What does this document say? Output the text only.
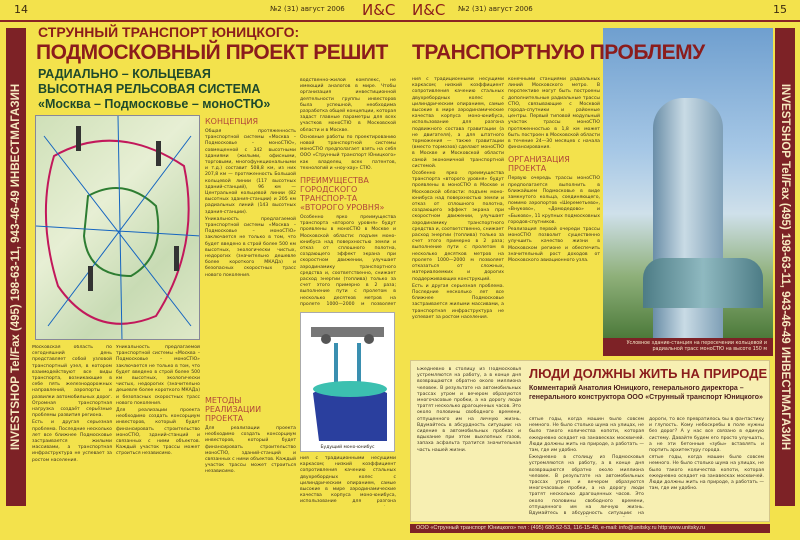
14	№2 (31) август 2006 И&С И&С №2 (31) август 2006	15
INVESTSHOP Tel/Fax (495) 198-63-11, 943-46-49 ИНВЕСТМАГАЗИН	INVESTSHOP Tel/Fax (495) 198-63-11, 943-46-49 ИНВЕСТМАГАЗИН
СТРУННЫЙ ТРАНСПОРТ ЮНИЦКОГО:
ПОДМОСКОВНЫЙ ПРОЕКТ РЕШИТ ТРАНСПОРТНУЮ ПРОБЛЕМУ
РАДИАЛЬНО – КОЛЬЦЕВАЯ
ВЫСОТНАЯ РЕЛЬСОВАЯ СИСТЕМА
«Москва – Подмосковье – моноСТЮ»

Московская область по сегодняшний день представляет собой узловой транспортный узел, в котором взаимодействуют все виды транспорта, возникающие в себе пять железнодорожных направлений, аэропорты и развилки автомобильных дорог. Огромная транспортная нагрузка создаёт серьёзные проблемы развития региона.

Есть и другая серьезная проблема. Последние несколько лет все ближнее Подмосковье застраивается жилыми массивами, а транспортная инфраструктура не успевает за ростом населения.

Уникальность предлагаемой транспортной системы «Москва – Подмосковье – моноСТЮ» заключается не только в том, что будет введено в строй более 500 км высотных, экологически чистых, недорогих (значительно дешевле более короткого МКАДа) и безопасных скоростных трасс нового поколения.

Для реализации проекта необходимо создать консорциум инвесторов, который будет финансировать строительство моноСТЮ, зданий-станций и связанных с ними объектов. Каждый участок трассы может строиться независимо.

КОНЦЕПЦИЯ

Общая протяженность транспортной системы «Москва – Подмосковье – моноСТЮ», совмещенной с 342 высотными зданиями (жилыми, офисными, торговыми, многофункциональными и т.д.) составит 508,8 км, из них 207,8 км — протяженность Большой кольцевой линии (117 высотных зданий-станций), 96 км — Центральной кольцевой линии (82 высотных здания-станции) и 205 км радиальных линий (143 высотных здания-станции).

Уникальность предлагаемой транспортной системы «Москва – Подмосковье – моноСТЮ» заключается не только в том, что будет введено в строй более 500 км высотных, экологически чистых, недорогих (значительно дешевле более короткого МКАДа) и безопасных скоростных трасс нового поколения.

МЕТОДЫ РЕАЛИЗАЦИИ ПРОЕКТА

Для реализации проекта необходимо создать консорциум инвесторов, который будет финансировать строительство моноСТЮ, зданий-станций и связанных с ними объектов. Каждый участок трассы может строиться независимо.

водственно-жилой комплекс, не имеющий аналогов в мире. Чтобы организация инвестиционной деятельности группы инвесторов была успешной, необходима разработка общей концепции, которая задаст главные параметры для всех участков моноСТЮ в Московской области и в Москве.

Основные работы по проектированию новой транспортной системы моноСТЮ предполагает взять на себя ООО «Струнный транспорт Юницкого» как владелец всех патентов, технологий и «ноу-хау» СТЮ.

ПРЕИМУЩЕСТВА ГОРОДСКОГО ТРАНСПОР-ТА «ВТОРОГО УРОВНЯ»

Особенно ярко преимущества транспорта «второго уровня» будут проявлены в моноСТЮ в Москве и Московской области: подъем моно-юнибуса над поверхностью земли и отказ от сплошного полотна, создающего эффект экрана при скоростном движении, улучшает аэродинамику транспортного средства и, соответственно, снижает расход энергии (топлива) только за счет этого примерно в 2 раза; выполнение пути с пролетом в несколько десятков метров на пролете 1000—2000 м позволяет

Будущий моно-юнибус

ния с традиционными несущими каркасом; низкий коэффициент сопротивления качению стальных двухребордных колес с цилиндрическим опиранием, самые высокие в мире аэродинамические качества корпуса моно-юнибуса, использование для разгона

ния с традиционными несущими каркасом; низкий коэффициент сопротивления качению стальных двухребордных колес с цилиндрическим опиранием, самые высокие в мире аэродинамические качества корпуса моно-юнибуса, использование для разгона подвижного состава гравитации (а не двигателя), а для штатного торможения — также гравитации (вместо тормозов) сделают моноСТЮ в Москве и Московской области самой экономичной транспортной системой.

Особенно ярко преимущества транспорта «второго уровня» будут проявлены в моноСТЮ в Москве и Московской области: подъем моно-юнибуса над поверхностью земли и отказ от сплошного полотна, создающего эффект экрана при скоростном движении, улучшает аэродинамику транспортного средства и, соответственно, снижает расход энергии (топлива) только за счет этого примерно в 2 раза; выполнение пути с пролетом в несколько десятков метров на пролете 1000—2000 м позволяет отказаться от сложных, материалоемких и дорогих поддерживающих конструкций.

Есть и другая серьезная проблема. Последние несколько лет все ближнее Подмосковье застраивается жилыми массивами, а транспортная инфраструктура не успевает за ростом населения.

конечными станциями радиальных линий Московского метро. В перспективе могут быть построены дополнительные радиальные трассы СТЮ, связывающие с Москвой города-спутники и районные центры. Первый типовой модульный участок трассы моноСТЮ протяженностью в 1,8 км может быть построен в Московской области в течение 24—30 месяцев с начала финансирования.

ОРГАНИЗАЦИЯ ПРОЕКТА

Первую очередь трассы моноСТЮ предполагается выполнить в ближайшем Подмосковье в виде замкнутого кольца, соединяющего, помимо аэропортов «Шереметьево», «Внуково», «Домодедово» и «Быково», 11 крупных подмосковных городов-спутников.

Реализация первой очереди трассы моноСТЮ позволит существенно улучшить качество жизни в Московском регионе и обеспечить значительный рост доходов от Московского авиационного узла.

Условное здание-станция на пересечении кольцевой и радиальной трасс моноСТЮ на высоте 150 м

Ежедневно в столицу из Подмосковья устремляются на работу, а в конце дня возвращаются обратно около миллиона человек. В результате на автомобильных трассах утром и вечером образуются многочасовые пробки, а на дорогу люди тратят несколько драгоценных часов. Это около половины свободного времени, отпущенного им на личную жизнь. Вдумайтесь в абсурдность ситуации: на сидение в автомобильных пробках и вдыхание при этом выхлопных газов, запаха асфальта тратится значительная часть нашей жизни.

ЛЮДИ ДОЛЖНЫ ЖИТЬ НА ПРИРОДЕ
Комментарий Анатолия Юницкого, генерального директора – генерального конструктора ООО «Струнный транспорт Юницкого»

сятые годы, когда машин было совсем немного. Не было столько шума на улицах, не было такого количества копоти, которая ежедневно оседает на занавесках москвичей. Люди должны жить на природе, а работать — там, где им удобно.

Ежедневно в столицу из Подмосковья устремляются на работу, а в конце дня возвращаются обратно около миллиона человек. В результате на автомобильных трассах утром и вечером образуются многочасовые пробки, а на дорогу люди тратят несколько драгоценных часов. Это около половины свободного времени, отпущенного им на личную жизнь. Вдумайтесь в абсурдность ситуации: на

дороги, то все превратилось бы в фантастику и глупость. Кому небоскребы в поле нужны без дорог? А у нас все связано в единую систему. Давайте будем его просто улучшать, а не эти бетонные «зубы» вставлять и портить архитектуру города.

сятые годы, когда машин было совсем немного. Не было столько шума на улицах, не было такого количества копоти, которая ежедневно оседает на занавесках москвичей. Люди должны жить на природе, а работать — там, где им удобно.

ООО «Струнный транспорт Юницкого» тел : (495) 680-52-53, 116-15-48, e-mail: info@unitsky.ru http:www.unitsky.ru
